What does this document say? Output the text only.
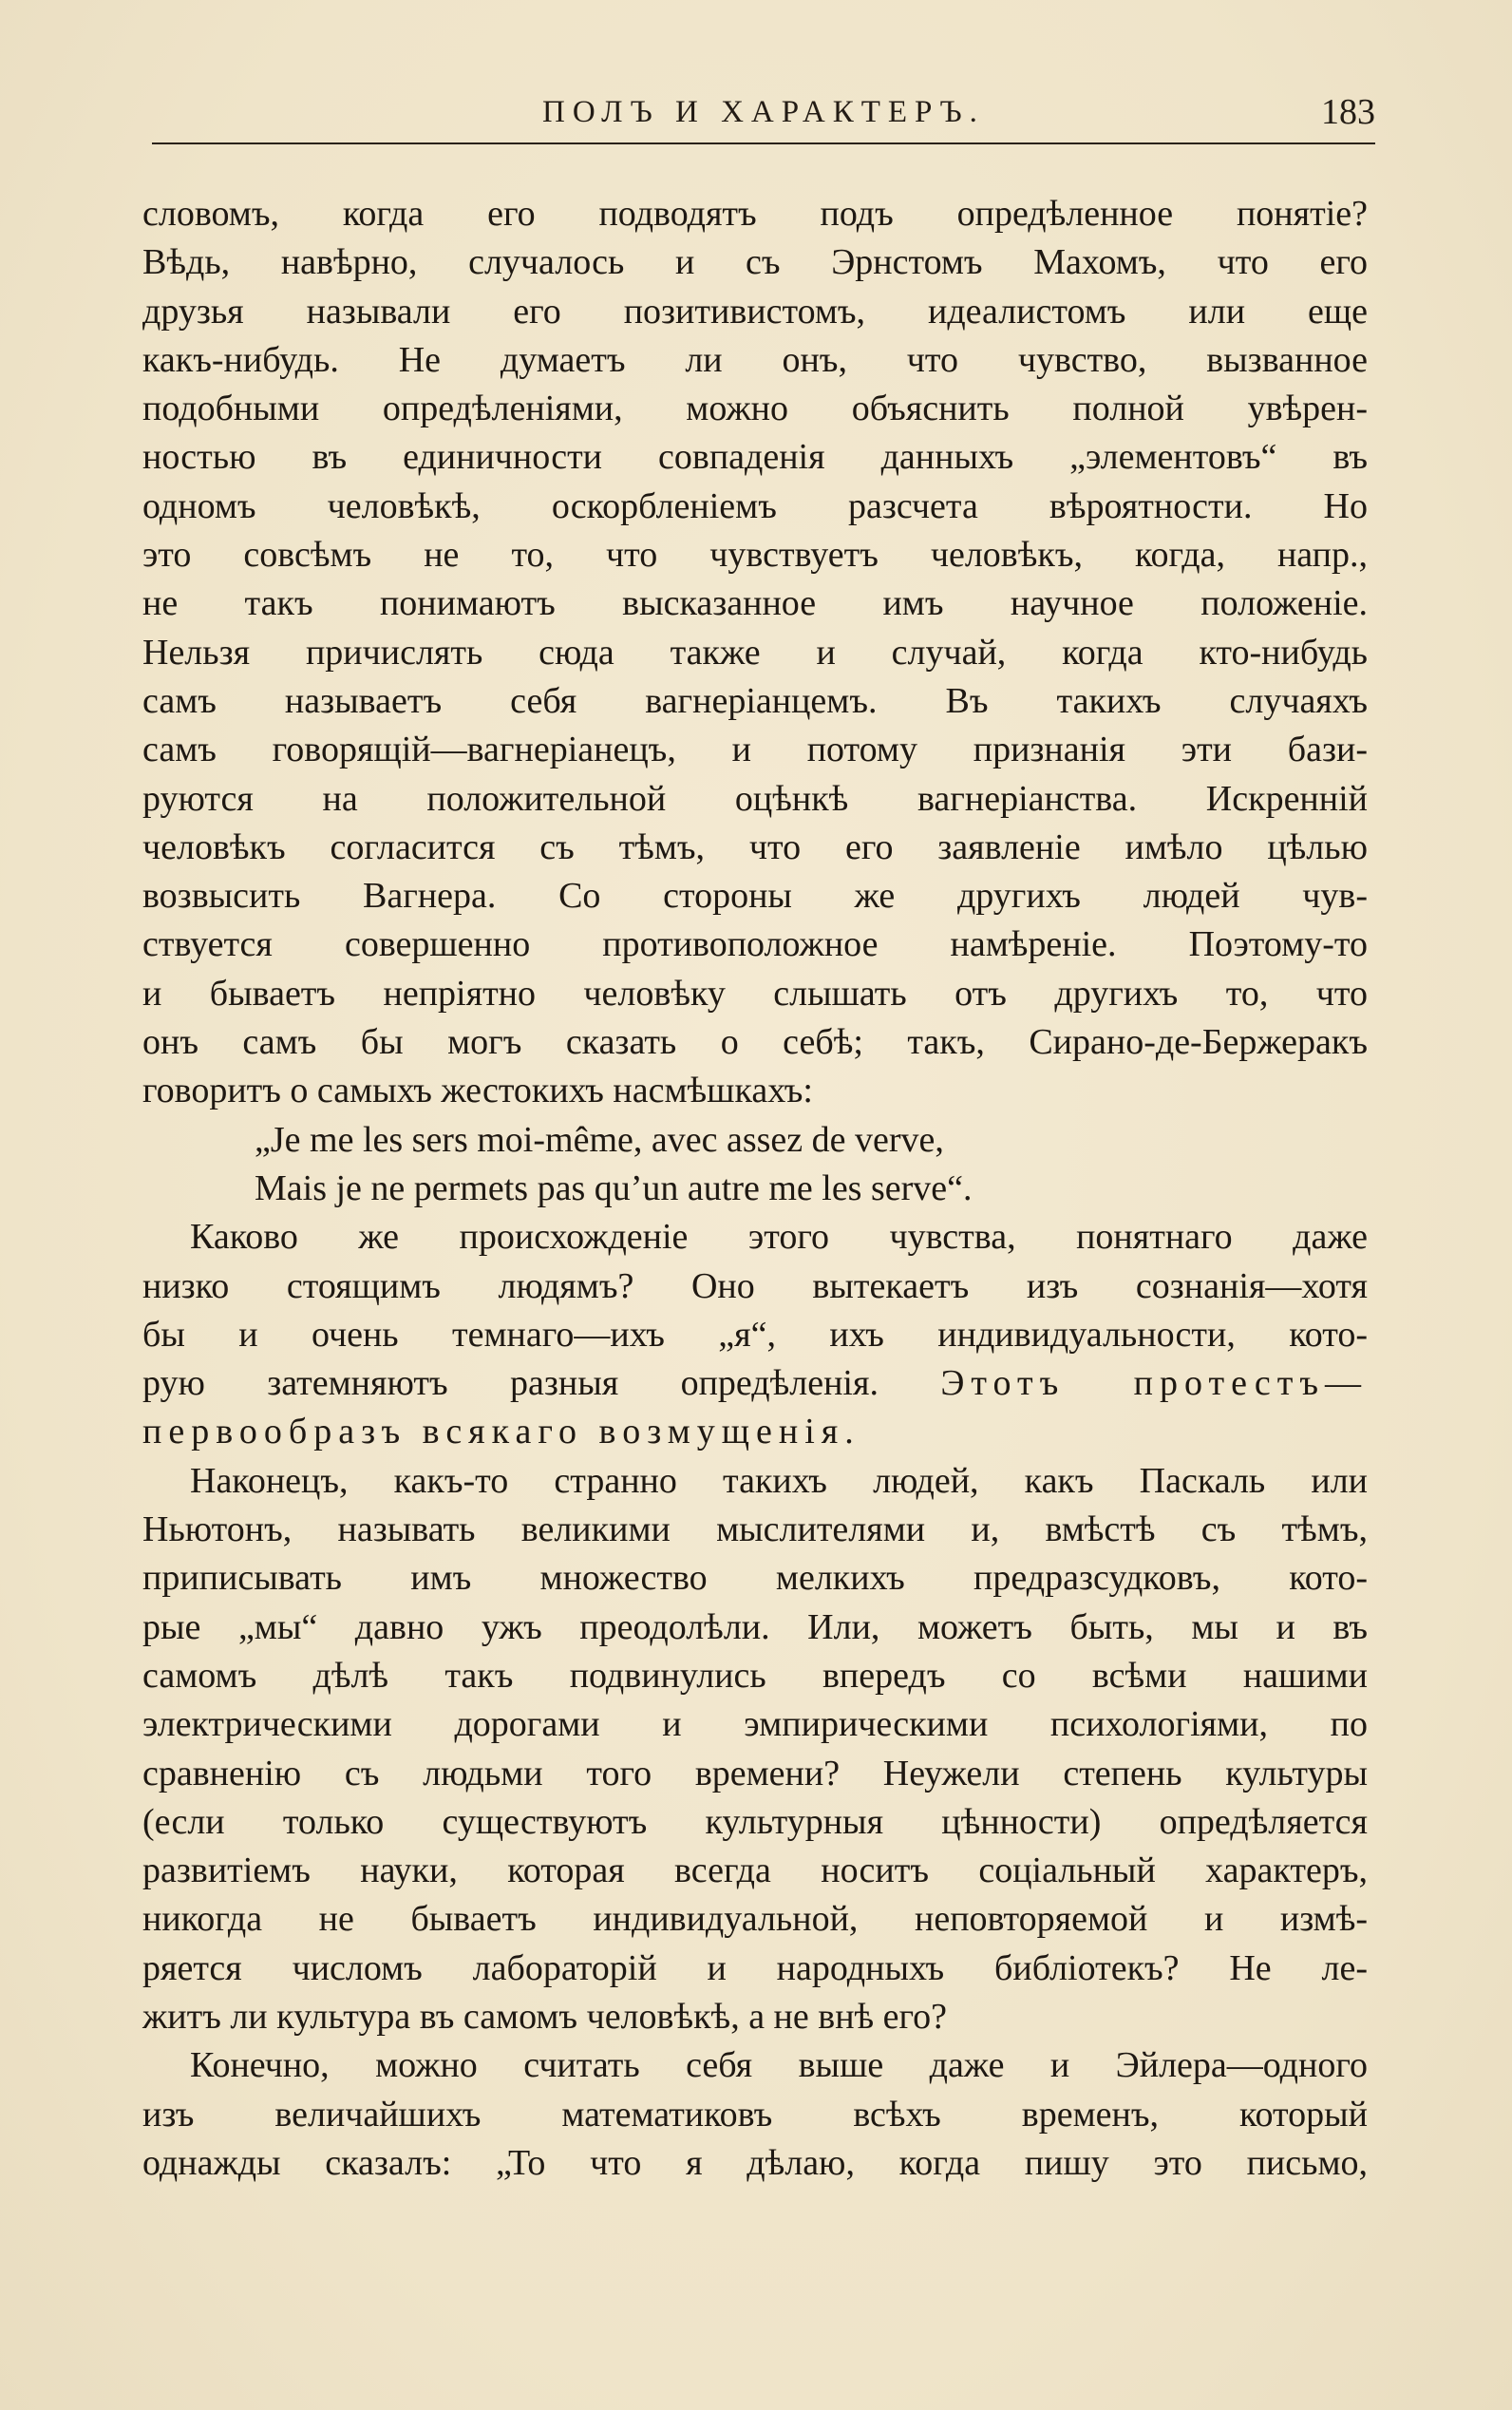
ПОЛЪ И ХАРАКТЕРЪ.	183
словомъ, когда его подводятъ подъ опредѣленное понятіе?
Вѣдь, навѣрно, случалось и съ Эрнстомъ Махомъ, что его
друзья называли его позитивистомъ, идеалистомъ или еще
какъ-нибудь. Не думаетъ ли онъ, что чувство, вызванное
подобными опредѣленіями, можно объяснить полной увѣрен-
ностью въ единичности совпаденія данныхъ „элементовъ“ въ
одномъ человѣкѣ, оскорбленіемъ разсчета вѣроятности. Но
это совсѣмъ не то, что чувствуетъ человѣкъ, когда, напр.,
не такъ понимаютъ высказанное имъ научное положеніе.
Нельзя причислять сюда также и случай, когда кто-нибудь
самъ называетъ себя вагнеріанцемъ. Въ такихъ случаяхъ
самъ говорящій—вагнеріанецъ, и потому признанія эти бази-
руются на положительной оцѣнкѣ вагнеріанства. Искренній
человѣкъ согласится съ тѣмъ, что его заявленіе имѣло цѣлью
возвысить Вагнера. Со стороны же другихъ людей чув-
ствуется совершенно противоположное намѣреніе. Поэтому-то
и бываетъ непріятно человѣку слышать отъ другихъ то, что
онъ самъ бы могъ сказать о себѣ; такъ, Сирано-де-Бержеракъ
говоритъ о самыхъ жестокихъ насмѣшкахъ:
„Je me les sers moi-même, avec assez de verve,
Mais je ne permets pas qu’un autre me les serve“.
Каково же происхожденіе этого чувства, понятнаго даже
низко стоящимъ людямъ? Оно вытекаетъ изъ сознанія—хотя
бы и очень темнаго—ихъ „я“, ихъ индивидуальности, кото-
рую затемняютъ разныя опредѣленія. Этотъ протестъ—
первообразъ всякаго возмущенія.
Наконецъ, какъ-то странно такихъ людей, какъ Паскаль или
Ньютонъ, называть великими мыслителями и, вмѣстѣ съ тѣмъ,
приписывать имъ множество мелкихъ предразсудковъ, кото-
рые „мы“ давно ужъ преодолѣли. Или, можетъ быть, мы и въ
самомъ дѣлѣ такъ подвинулись впередъ со всѣми нашими
электрическими дорогами и эмпирическими психологіями, по
сравненію съ людьми того времени? Неужели степень культуры
(если только существуютъ культурныя цѣнности) опредѣляется
развитіемъ науки, которая всегда носитъ соціальный характеръ,
никогда не бываетъ индивидуальной, неповторяемой и измѣ-
ряется числомъ лабораторій и народныхъ библіотекъ? Не ле-
житъ ли культура въ самомъ человѣкѣ, а не внѣ его?
Конечно, можно считать себя выше даже и Эйлера—одного
изъ величайшихъ математиковъ всѣхъ временъ, который
однажды сказалъ: „То что я дѣлаю, когда пишу это письмо,
